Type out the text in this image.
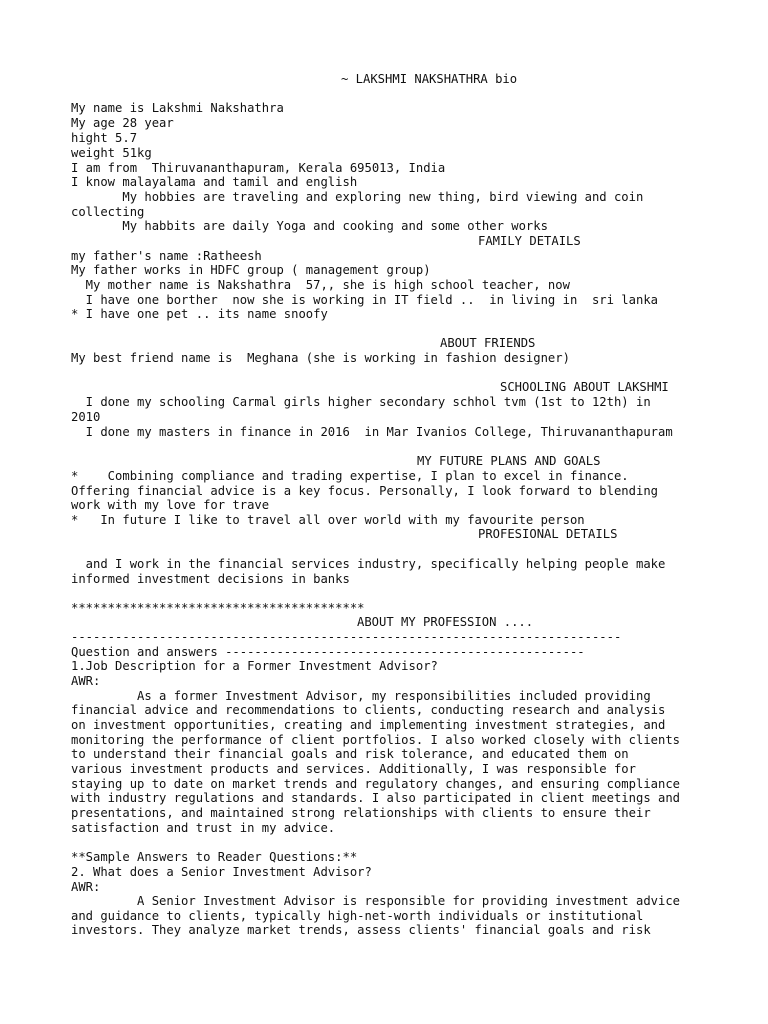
~ LAKSHMI NAKSHATHRA bio
My name is Lakshmi Nakshathra
My age 28 year
hight 5.7
weight 51kg
I am from  Thiruvananthapuram, Kerala 695013, India
I know malayalama and tamil and english
My hobbies are traveling and exploring new thing, bird viewing and coin
collecting
My habbits are daily Yoga and cooking and some other works
FAMILY DETAILS
my father's name :Ratheesh
My father works in HDFC group ( management group)
My mother name is Nakshathra  57,, she is high school teacher, now
I have one borther  now she is working in IT field ..  in living in  sri lanka
* I have one pet .. its name snoofy
ABOUT FRIENDS
My best friend name is  Meghana (she is working in fashion designer)
SCHOOLING ABOUT LAKSHMI
I done my schooling Carmal girls higher secondary schhol tvm (1st to 12th) in
2010
I done my masters in finance in 2016  in Mar Ivanios College, Thiruvananthapuram
MY FUTURE PLANS AND GOALS
*    Combining compliance and trading expertise, I plan to excel in finance.
Offering financial advice is a key focus. Personally, I look forward to blending
work with my love for trave
*   In future I like to travel all over world with my favourite person
PROFESIONAL DETAILS
and I work in the financial services industry, specifically helping people make
informed investment decisions in banks
****************************************
ABOUT MY PROFESSION ....
---------------------------------------------------------------------------
Question and answers -------------------------------------------------
1.Job Description for a Former Investment Advisor?
AWR:
As a former Investment Advisor, my responsibilities included providing
financial advice and recommendations to clients, conducting research and analysis
on investment opportunities, creating and implementing investment strategies, and
monitoring the performance of client portfolios. I also worked closely with clients
to understand their financial goals and risk tolerance, and educated them on
various investment products and services. Additionally, I was responsible for
staying up to date on market trends and regulatory changes, and ensuring compliance
with industry regulations and standards. I also participated in client meetings and
presentations, and maintained strong relationships with clients to ensure their
satisfaction and trust in my advice.
**Sample Answers to Reader Questions:**
2. What does a Senior Investment Advisor?
AWR:
A Senior Investment Advisor is responsible for providing investment advice
and guidance to clients, typically high-net-worth individuals or institutional
investors. They analyze market trends, assess clients' financial goals and risk
